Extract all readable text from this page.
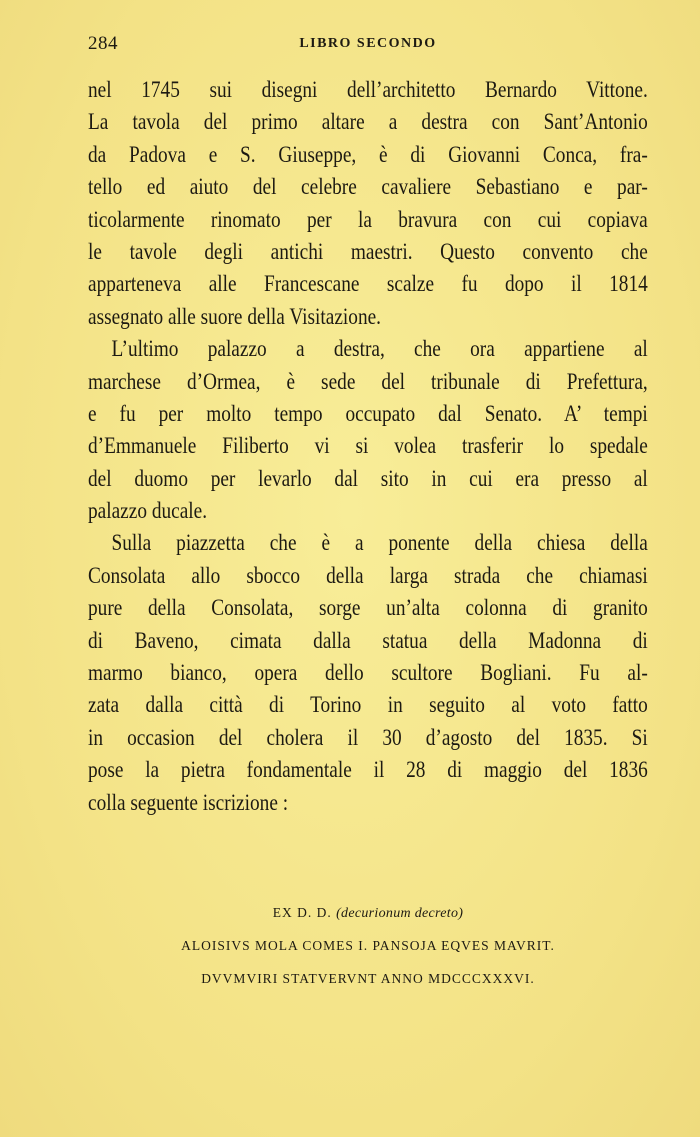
284	LIBRO SECONDO
nel 1745 sui disegni dell’architetto Bernardo Vittone.
La tavola del primo altare a destra con Sant’Antonio
da Padova e S. Giuseppe, è di Giovanni Conca, fra-
tello ed aiuto del celebre cavaliere Sebastiano e par-
ticolarmente rinomato per la bravura con cui copiava
le tavole degli antichi maestri. Questo convento che
apparteneva alle Francescane scalze fu dopo il 1814
assegnato alle suore della Visitazione.
L’ultimo palazzo a destra, che ora appartiene al
marchese d’Ormea, è sede del tribunale di Prefettura,
e fu per molto tempo occupato dal Senato. A’ tempi
d’Emmanuele Filiberto vi si volea trasferir lo spedale
del duomo per levarlo dal sito in cui era presso al
palazzo ducale.
Sulla piazzetta che è a ponente della chiesa della
Consolata allo sbocco della larga strada che chiamasi
pure della Consolata, sorge un’alta colonna di granito
di Baveno, cimata dalla statua della Madonna di
marmo bianco, opera dello scultore Bogliani. Fu al-
zata dalla città di Torino in seguito al voto fatto
in occasion del cholera il 30 d’agosto del 1835. Si
pose la pietra fondamentale il 28 di maggio del 1836
colla seguente iscrizione :
EX D. D. (decurionum decreto)
ALOISIVS MOLA COMES I. PANSOJA EQVES MAVRIT.
DVVMVIRI STATVERVNT ANNO MDCCCXXXVI.
